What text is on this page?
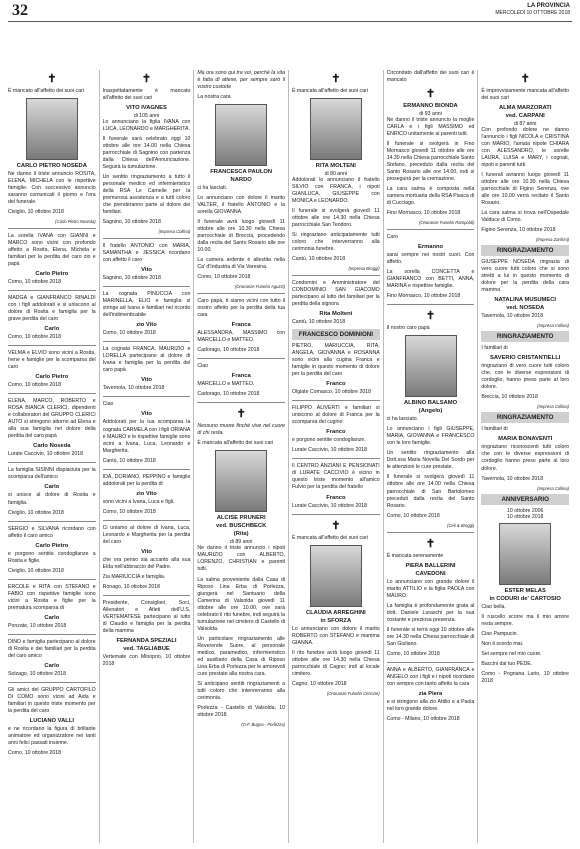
32	LA PROVINCIA
MERCOLEDÌ 10 OTTOBRE 2018
✝
È mancato all'affetto dei suoi cari
CARLO PIETRO NOSEDA
Ne danno il triste annuncio ROSITA, ELENA, MICHELA con le rispettive famiglie. Con successivo annuncio saranno comunicati il giorno e l'ora del funerale.
Civiglio, 10 ottobre 2018
(Carlo Pietro Noseda)
La sorella IVANA con GIANNI e MARCO sono vicini con profondo affetto a Rosita, Elena, Michela e familiari per la perdita del caro zio e papà
Carlo Pietro
Como, 10 ottobre 2018
MADGA e GIANFRANCO RINALDI con i figli addolorati e si uniscono al dolore di Rosita e famiglia per la grave perdita del caro
Carlo
Como, 10 ottobre 2018
VELMA e ELVIO sono vicini a Rosita, Irene e famiglie per la scomparsa del caro
Carlo Pietro
Como, 10 ottobre 2018
ELENA, MARCO, ROBERTO e ROSA BIANCA CLERICI, dipendenti e collaboratori del GRUPPO CLERICI AUTO si stringono attorno ad Elena e alla sua famiglia nel dolore della perdita del caro papà
Carlo Noseda
Lurate Caccivio, 10 ottobre 2018
La famiglia SISINNI dispiaciuta per la scomparsa dell'amico
Carlo
si unisce al dolore di Rosita e famiglia.
Civiglio, 10 ottobre 2018
SERGIO e SILVANA ricordano con affetto il caro amico
Carlo Pietro
e porgono sentite condoglianze a Rosita e figlie.
Civiglio, 10 ottobre 2018
ERCOLE e RITA con STEFANO e FABIO con rispettive famiglie sono vicini a Rosita e figlie per la prematura scomparsa di
Carlo
Ponzate, 10 ottobre 2018
DINO e famiglia partecipano al dolore di Rosita e dei familiari per la perdita del caro amico
Carlo
Solzago, 10 ottobre 2018
Gli amici del GRUPPO CARTOFILO DI COMO sono vicini ad Aida e familiari in questo triste momento per la perdita del caro
LUCIANO VALLI
e ne ricordano la figura di brillante animatore ed organizzatore nei tanti anni felici passati insieme.
Como, 10 ottobre 2018
✝
Inaspettatamente è mancato all'affetto dei suoi cari
VITO IVAGNES
di 105 anni
Lo annunciano la figlia IVANA con LUCA, LEONARDO e MARGHERITA.
Il funerale sarà celebrato oggi 10 ottobre alle ore 14.00 nella Chiesa parrocchiale di Sagnino con partenza dalla Chiesa dell'Annunciazione. Seguirà la tumulazione.
Un sentito ringraziamento a tutto il personale medico ed infermieristico della RSA Le Camelie per la premurosa assistenza e a tutti coloro che prenderanno parte al dolore dei familiari.
Sagnino, 10 ottobre 2018
(Impresa Collina)
Il fratello ANTONIO con MARIA, SAMANTHA e JESSICA ricordano con affetto il caro
Vito
Sagnino, 10 ottobre 2018
La cognata PINUCCIA con MARINELLA, ELIO e famiglia si stringe ad Ivana e familiari nel ricordo dell'indimenticabile
zio Vito
Como, 10 ottobre 2018
La cognata FRANCA, MAURIZIO e LORELLA partecipano al dolore di Ivana e famiglia per la perdita del caro papà
Vito
Tavernola, 10 ottobre 2018
Ciao
Vito
Addolorati per la tua scomparsa la cognata CARMELA con i figli ORIANA e MAURO e le rispettive famiglie sono vicini a Ivana, Luca, Leonardo e Margherita.
Cantù, 10 ottobre 2018
IDA, DORIANO, PEPPINO e famiglie addolorati per la perdita di
zio Vito
sono vicini a Ivana, Luca e figli.
Como, 10 ottobre 2018
Ci uniamo al dolore di Ivana, Luca, Leonardo e Margherita per la perdita del caro
Vito
che ora penso sia accanto alla sua Elda nell'abbraccio del Padre.
Zia MARIUCCIA e famiglia.
Ronago, 10 ottobre 2018
Presidente, Consiglieri, Soci, Allenatori e Atleti dell'U.S. VERTEMATESE partecipano al lutto di Claudio e famiglia per la perdita della mamma
FERNANDA SPEZIALI
ved. TAGLIABUE
Vertemate con Minoprio, 10 ottobre 2018
Ma ora sono qui tra voi, perché la vita è fatta di attese, per sempre sarò il vostro custode
La nostra cara
FRANCESCA PAULON
NARDO
ci ha lasciati.
Lo annunciano con dolore il marito VALTER, il fratello ANTONIO e la sorella GIOVANNA.
Il funerale avrà luogo giovedì 11 ottobre alle ore 10.30 nella Chiesa parrocchiale di Breccia, procedendo dalla recita del Santo Rosario alle ore 10.00.
La camera ardente è allestita nella Ca' d'Industria di Via Varesina.
Como, 10 ottobre 2018
(Onoranze Funebri Aguzzi)
Caro papà, ti siamo vicini con tutto il nostro affetto per la perdita della tua cara
Franca
ALESSANDRA, MASSIMO con MARCELLO e MATTEO.
Cadorago, 10 ottobre 2018
Ciao
Franca
MARCELLO e MATTEO.
Cadorago, 10 ottobre 2018
✝
Nessuno muore finché vive nel cuore di chi resta.
È mancata all'affetto dei suoi cari
ALCISE PRUNERI
ved. BUSCHBECK
(Rita)
di 89 anni
Ne danno il triste annuncio i nipoti MAURIZIO con ALBERTO, LORENZO, CHRISTIAN e parenti tutti.
La salma proveniente dalla Casa di Riposo Lina Erba di Porlezza, giungerà nel Santuario della Camerina di Valsolda giovedì 11 ottobre alle ore 10.00, ove sarà celebrato il rito funebre, indi seguirà la tumulazione nel cimitero di Castello di Valsolda.
Un particolare ringraziamento alle Reverende Suore, al personale medico, paramedico, infermieristico ed ausiliario della Casa di Riposo Lina Erba di Porlezza per le amorevoli cure prestate alla nostra cara.
Si anticipano sentiti ringraziamenti a tutti coloro che interverranno alla cerimonia.
Porlezza - Castello di Valsolda, 10 ottobre 2018
(O.F. Bugna - Porlezza)
✝
È mancata all'affetto dei suoi cari
RITA MOLTENI
di 80 anni
Addolorati lo annunciano il fratello SILVIO con FRANCA, i nipoti GIANLUCA, GIUSEPPE con MONICA e LEONARDO.
Il funerale si svolgerà giovedì 11 ottobre alle ore 14.30 nella Chiesa parrocchiale San Teodoro.
Si ringraziano anticipatamente tutti coloro che interverranno alla cerimonia funebre.
Cantù, 10 ottobre 2018
(Impresa Broggi)
Condomini e Amministratore del CONDOMINIO SAN GIACOMO partecipano al lutto dei familiari per la perdita della signora
Rita Molteni
Cantù, 10 ottobre 2018
FRANCESCO DOMINIONI
PIETRO, MARIUCCIA, RITA, ANGELA, GIOVANNA e ROSANNA sono vicini alla cugina Franca e famiglie in questo momento di dolore per la perdita del caro
Franco
Olgiate Comasco, 10 ottobre 2018
FILIPPO ALIVERTI e familiari si uniscono al dolore di Franca per la scomparsa del cugino
Franco
e porgono sentite condoglianze.
Lurate Caccivio, 10 ottobre 2018
Il CENTRO ANZIANI E PENSIONATI di LURATE CACCIVIO è vicino in questo triste momento all'amico Fulvio per la perdita del fratello
Franco
Lurate Caccivio, 10 ottobre 2018
✝
È mancata all'affetto dei suoi cari
CLAUDIA ARREGHINI
in SFORZA
Lo annunciano con dolore il marito ROBERTO con STEFANO e mamma GIANNA.
Il rito funebre avrà luogo giovedì 11 ottobre alle ore 14.30 nella Chiesa parrocchiale di Cagno; indi al locale cimitero.
Cagno, 10 ottobre 2018
(Onoranze Funebri Cerrone)
Circondato dall'affetto dei suoi cari è mancato
✝
ERMANNO BIONDA
di 93 anni
Ne danno il triste annuncio la moglie CARLA e i figli MASSIMO ed ENRICO unitamente ai parenti tutti.
Il funerale si svolgerà in Fino Mornasco giovedì 11 ottobre alle ore 14.30 nella Chiesa parrocchiale Santo Stefano, preceduto dalla recita del Santo Rosario alle ore 14.00, indi si proseguirà per la cremazione.
La cara salma è composta nella camera mortuaria della RSA Piasca di di Cucciago.
Fino Mornasco, 10 ottobre 2018
(Onoranze Funebri Rampoldi)
Caro
Ermanno
sarai sempre nei nostri cuori. Con affetto.
La sorella CONCETTA e GIANFRANCO con BETTI, ANNA, MARINA e rispettive famiglie.
Fino Mornasco, 10 ottobre 2018
✝
Il nostro caro papà
ALBINO BALSAMO
(Angelo)
ci ha lasciato.
Lo annunciano i figli GIUSEPPE, MARIA, GIOVANNA e FRANCESCO con le loro famiglie.
Un sentito ringraziamento alla Dott.ssa Maria Novella Del Sordo per le attenzioni le cure prestate.
Il funerale si svolgerà giovedì 11 ottobre alle ore 14.00 nella Chiesa parrocchiale di San Bartolomeo preceduti dalla recita del Santo Rosario.
Como, 10 ottobre 2018
(Celi & Broggi)
✝
È mancata serenamente
PIERA BALLERINI
CAVEDONI
Lo annunciano con grande dolore il marito ATTILIO e la figlia PAOLA con MAURO.
La famiglia è profondamente grata al dott. Daniele Luraschi per la sua costante e preziosa presenza.
Il funerale si terrà oggi 10 ottobre alle ore 14.30 nella Chiesa parrocchiale di San Giuliano.
Como, 10 ottobre 2018
ANNA e ALBERTO, GIANFRANCA e ANGELO con i figli e i nipoti ricordano con sempre con tanto affetto la cara
zia Piera
e si stringono alla zio Attilio e a Paola nel loro grande dolore.
Como - Milano, 10 ottobre 2018
✝
È improvvisamente mancata all'affetto dei suoi cari
ALMA MARZORATI
ved. CARPANI
di 87 anni
Con profondo dolore ne danno l'annuncio i figli NICOLA e CRISTINA con MARIO, l'amata nipote CHIARA con ALESSANDRO, le sorelle LAURA, LUISA e MARY, i cognati, nipoti e parenti tutti.
I funerali avranno luogo giovedì 11 ottobre alle ore 10.30 nella Chiesa parrocchiale di Figino Serenza, ove alle ore 10.00 verrà recitato il Santo Rosario.
La cara salma si trova nell'Ospedale Valduce di Como.
Figino Serenza, 10 ottobre 2018
(Impresa Zanfrini)
RINGRAZIAMENTO
GIUSEPPE NOSEDA ringrazia di vero cuore tutti coloro che si sono stretti a lui in questo momento di dolore per la perdita della cara mamma
NATALINA MUSUMECI
ved. NOSEDA
Tavernola, 10 ottobre 2018
(Impresa Collina)
RINGRAZIAMENTO
I familiari di
SAVERIO CRISTANTIELLI
ringraziano di vero cuore tutti coloro che, con le diverse espressioni di cordoglio, hanno preso parte al loro dolore.
Breccia, 10 ottobre 2018
(Impresa Collina)
RINGRAZIAMENTO
I familiari di
MARIA BONAVENTI
ringraziano riconoscenti tutti coloro che con le diverse espressioni di cordoglio hanno preso parte al loro dolore.
Tavernola, 10 ottobre 2018
(Impresa Collina)
ANNIVERSARIO
10 ottobre 2006
10 ottobre 2018
ESTER MELAS
in CODURI de' CARTOSIO
Ciao bella.
Il ruscello scorre ma il mio amore resta sempre.
Ciao Pampucin.
Non ti scordo mai.
Sei sempre nel mio cuore.
Baccini dal tuo PEDE.
Como - Pognana Lario, 10 ottobre 2018
